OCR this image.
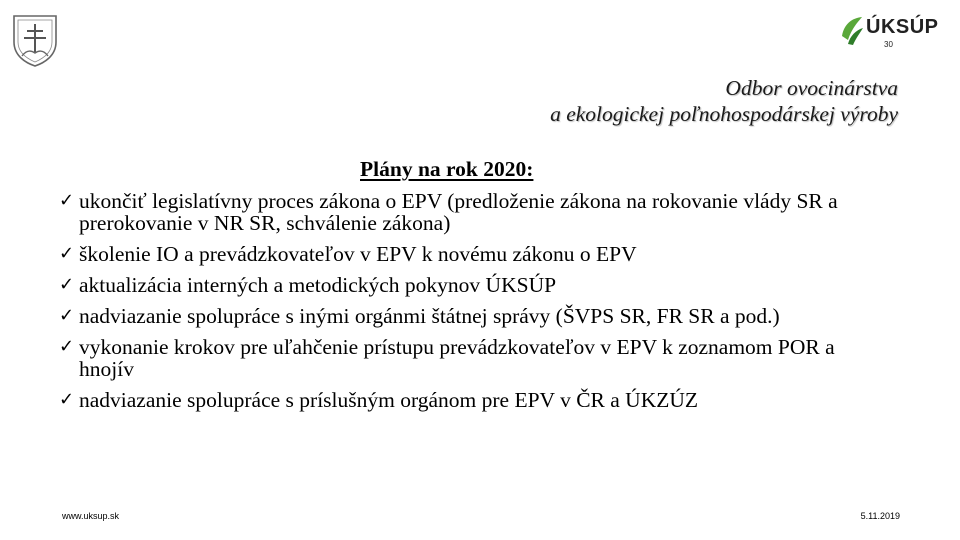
ÚKSÚP
30
Odbor ovocinárstva
a ekologickej poľnohospodárskej výroby
Plány na rok 2020:
✓ ukončiť legislatívny proces zákona o EPV (predloženie zákona na rokovanie vlády SR a prerokovanie v NR SR, schválenie zákona)
✓ školenie IO a prevádzkovateľov v EPV k novému zákonu o EPV
✓ aktualizácia interných a metodických pokynov ÚKSÚP
✓ nadviazanie spolupráce s inými orgánmi štátnej správy (ŠVPS SR, FR SR a pod.)
✓ vykonanie krokov pre uľahčenie prístupu prevádzkovateľov v EPV k zoznamom POR a hnojív
✓ nadviazanie spolupráce s príslušným orgánom pre EPV v ČR a ÚKZÚZ
www.uksup.sk	5.11.2019
